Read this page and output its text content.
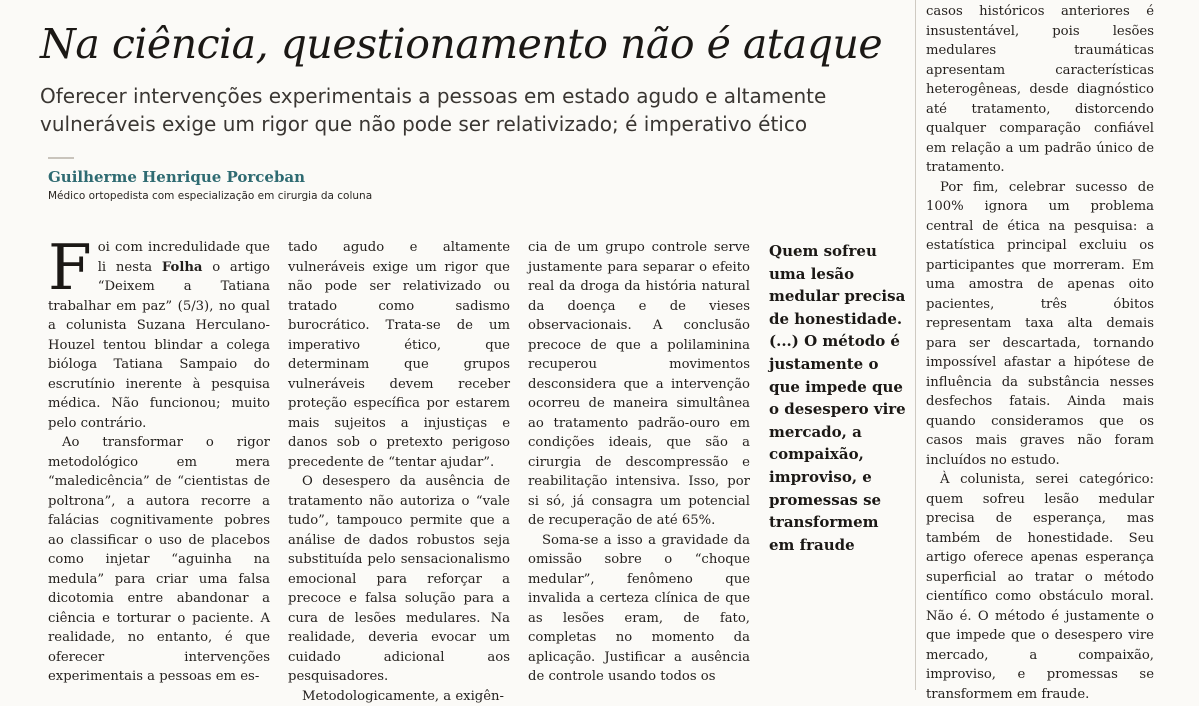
Na ciência, questionamento não é ataque

Oferecer intervenções experimentais a pessoas em estado agudo e altamente vulneráveis exige um rigor que não pode ser relativizado; é imperativo ético

Guilherme Henrique Porceban

Médico ortopedista com especialização em cirurgia da coluna

Foi com incredulidade que li nesta Folha o artigo “Deixem a Tatiana trabalhar em paz” (5/3), no qual a colunista Suzana Herculano-Houzel tentou blindar a colega bióloga Tatiana Sampaio do escrutínio inerente à pesquisa médica. Não funcionou; muito pelo contrário.

Ao transformar o rigor metodológico em mera “maledicência” de “cientistas de poltrona”, a autora recorre a falácias cognitivamente pobres ao classificar o uso de placebos como injetar “aguinha na medula” para criar uma falsa dicotomia entre abandonar a ciência e torturar o paciente. A realidade, no entanto, é que oferecer intervenções experimentais a pessoas em es-

tado agudo e altamente vulneráveis exige um rigor que não pode ser relativizado ou tratado como sadismo burocrático. Trata-se de um imperativo ético, que determinam que grupos vulneráveis devem receber proteção específica por estarem mais sujeitos a injustiças e danos sob o pretexto perigoso precedente de “tentar ajudar”.

O desespero da ausência de tratamento não autoriza o “vale tudo”, tampouco permite que a análise de dados robustos seja substituída pelo sensacionalismo emocional para reforçar a precoce e falsa solução para a cura de lesões medulares. Na realidade, deveria evocar um cuidado adicional aos pesquisadores.

Metodologicamente, a exigên-

cia de um grupo controle serve justamente para separar o efeito real da droga da história natural da doença e de vieses observacionais. A conclusão precoce de que a polilaminina recuperou movimentos desconsidera que a intervenção ocorreu de maneira simultânea ao tratamento padrão-ouro em condições ideais, que são a cirurgia de descompressão e reabilitação intensiva. Isso, por si só, já consagra um potencial de recuperação de até 65%.

Soma-se a isso a gravidade da omissão sobre o “choque medular”, fenômeno que invalida a certeza clínica de que as lesões eram, de fato, completas no momento da aplicação. Justificar a ausência de controle usando todos os

Quem sofreu uma lesão medular precisa de honestidade. (...) O método é justamente o que impede que o desespero vire mercado, a compaixão, improviso, e promessas se transformem em fraude

casos históricos anteriores é insustentável, pois lesões medulares traumáticas apresentam características heterogêneas, desde diagnóstico até tratamento, distorcendo qualquer comparação confiável em relação a um padrão único de tratamento.

Por fim, celebrar sucesso de 100% ignora um problema central de ética na pesquisa: a estatística principal excluiu os participantes que morreram. Em uma amostra de apenas oito pacientes, três óbitos representam taxa alta demais para ser descartada, tornando impossível afastar a hipótese de influência da substância nesses desfechos fatais. Ainda mais quando consideramos que os casos mais graves não foram incluídos no estudo.

À colunista, serei categórico: quem sofreu lesão medular precisa de esperança, mas também de honestidade. Seu artigo oferece apenas esperança superficial ao tratar o método científico como obstáculo moral. Não é. O método é justamente o que impede que o desespero vire mercado, a compaixão, improviso, e promessas se transformem em fraude.
